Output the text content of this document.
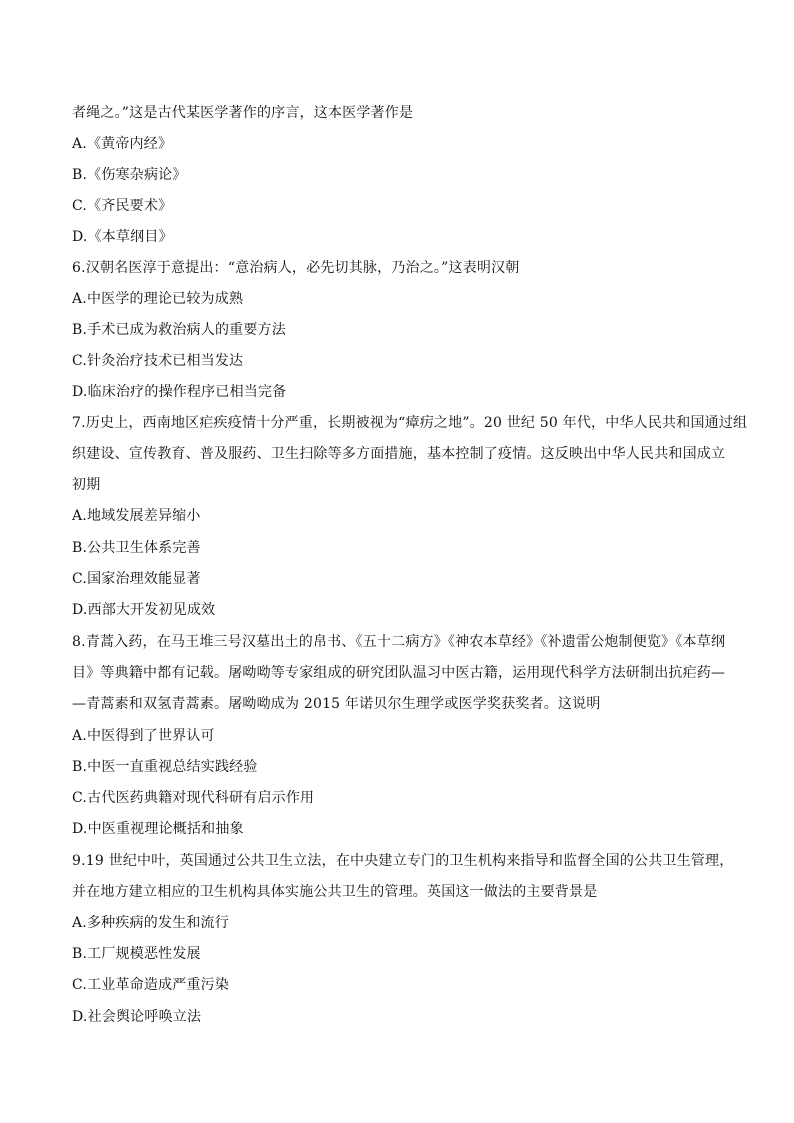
者绳之。”这是古代某医学著作的序言，这本医学著作是
A.《黄帝内经》
B.《伤寒杂病论》
C.《齐民要术》
D.《本草纲目》
6.汉朝名医淳于意提出：“意治病人，必先切其脉，乃治之。”这表明汉朝
A.中医学的理论已较为成熟
B.手术已成为救治病人的重要方法
C.针灸治疗技术已相当发达
D.临床治疗的操作程序已相当完备
7.历史上，西南地区疟疾疫情十分严重，长期被视为“瘴疠之地”。20 世纪 50 年代，中华人民共和国通过组
织建设、宣传教育、普及服药、卫生扫除等多方面措施，基本控制了疫情。这反映出中华人民共和国成立
初期
A.地域发展差异缩小
B.公共卫生体系完善
C.国家治理效能显著
D.西部大开发初见成效
8.青蒿入药，在马王堆三号汉墓出土的帛书、《五十二病方》《神农本草经》《补遗雷公炮制便览》《本草纲
目》等典籍中都有记载。屠呦呦等专家组成的研究团队温习中医古籍，运用现代科学方法研制出抗疟药—
—青蒿素和双氢青蒿素。屠呦呦成为 2015 年诺贝尔生理学或医学奖获奖者。这说明
A.中医得到了世界认可
B.中医一直重视总结实践经验
C.古代医药典籍对现代科研有启示作用
D.中医重视理论概括和抽象
9.19 世纪中叶，英国通过公共卫生立法，在中央建立专门的卫生机构来指导和监督全国的公共卫生管理，
并在地方建立相应的卫生机构具体实施公共卫生的管理。英国这一做法的主要背景是
A.多种疾病的发生和流行
B.工厂规模恶性发展
C.工业革命造成严重污染
D.社会舆论呼唤立法
